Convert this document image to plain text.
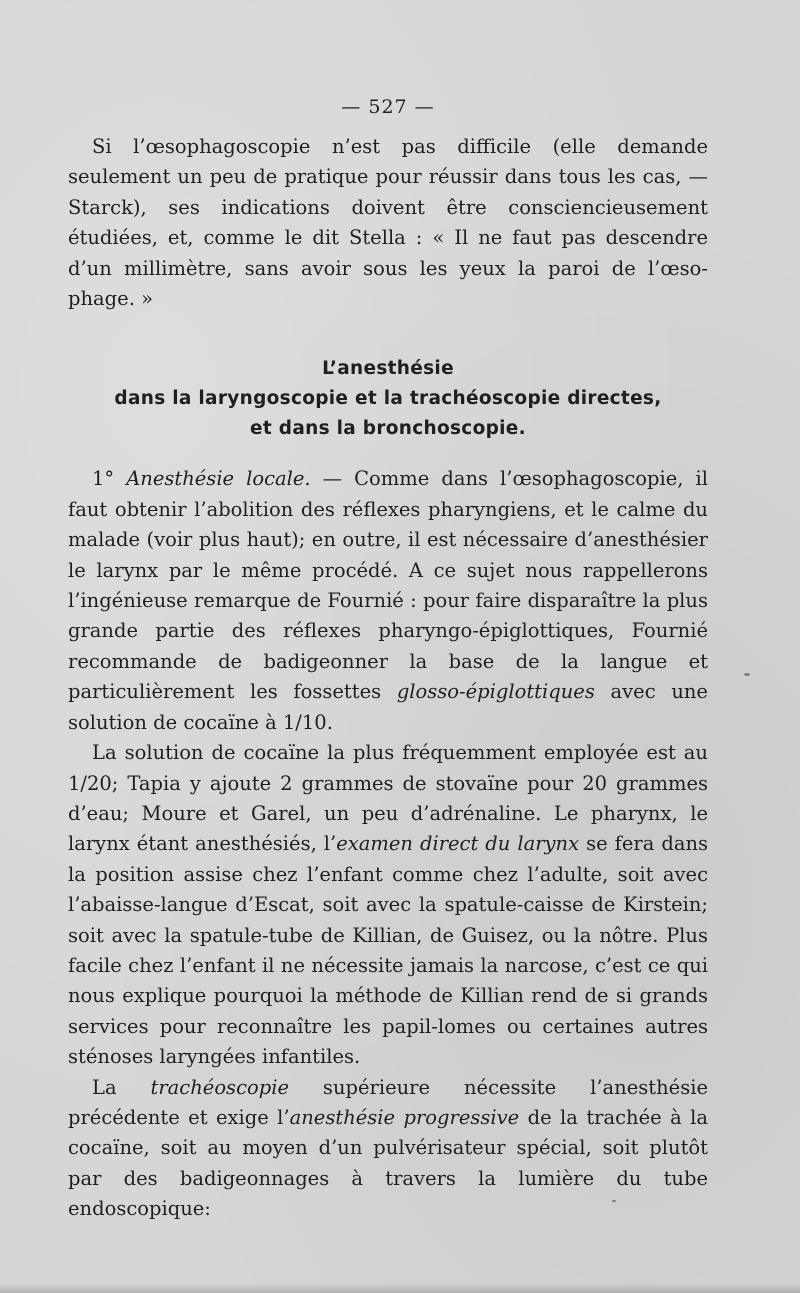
— 527 —

Si l’œsophagoscopie n’est pas difficile (elle demande seulement un peu de pratique pour réussir dans tous les cas, — Starck), ses indications doivent être consciencieusement étudiées, et, comme le dit Stella : « Il ne faut pas descendre d’un millimètre, sans avoir sous les yeux la paroi de l’œso-phage. »

L’anesthésie
dans la laryngoscopie et la trachéoscopie directes,
et dans la bronchoscopie.

1° Anesthésie locale. — Comme dans l’œsophagoscopie, il faut obtenir l’abolition des réflexes pharyngiens, et le calme du malade (voir plus haut); en outre, il est nécessaire d’anesthésier le larynx par le même procédé. A ce sujet nous rappellerons l’ingénieuse remarque de Fournié : pour faire disparaître la plus grande partie des réflexes pharyngo-épiglottiques, Fournié recommande de badigeonner la base de la langue et particulièrement les fossettes glosso-épiglottiques avec une solution de cocaïne à 1/10.

La solution de cocaïne la plus fréquemment employée est au 1/20; Tapia y ajoute 2 grammes de stovaïne pour 20 grammes d’eau; Moure et Garel, un peu d’adrénaline. Le pharynx, le larynx étant anesthésiés, l’examen direct du larynx se fera dans la position assise chez l’enfant comme chez l’adulte, soit avec l’abaisse-langue d’Escat, soit avec la spatule-caisse de Kirstein; soit avec la spatule-tube de Killian, de Guisez, ou la nôtre. Plus facile chez l’enfant il ne nécessite jamais la narcose, c’est ce qui nous explique pourquoi la méthode de Killian rend de si grands services pour reconnaître les papil-lomes ou certaines autres sténoses laryngées infantiles.

La trachéoscopie supérieure nécessite l’anesthésie précédente et exige l’anesthésie progressive de la trachée à la cocaïne, soit au moyen d’un pulvérisateur spécial, soit plutôt par des badigeonnages à travers la lumière du tube endoscopique:
